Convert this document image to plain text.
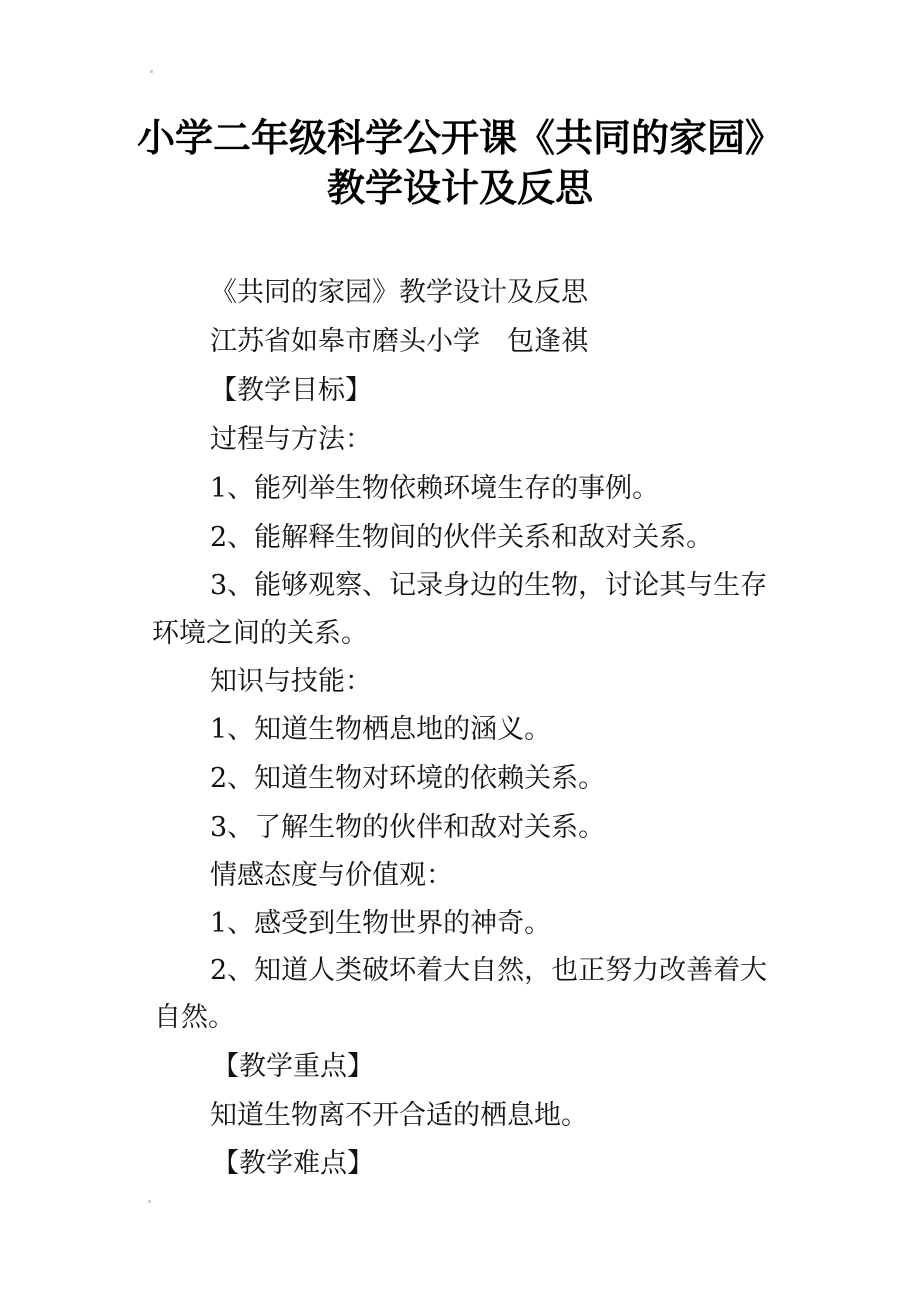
小学二年级科学公开课《共同的家园》
教学设计及反思

《共同的家园》教学设计及反思

江苏省如皋市磨头小学　包逢祺

【教学目标】

过程与方法：

1、能列举生物依赖环境生存的事例。

2、能解释生物间的伙伴关系和敌对关系。

3、能够观察、记录身边的生物，讨论其与生存

环境之间的关系。

知识与技能：

1、知道生物栖息地的涵义。

2、知道生物对环境的依赖关系。

3、了解生物的伙伴和敌对关系。

情感态度与价值观：

1、感受到生物世界的神奇。

2、知道人类破坏着大自然，也正努力改善着大

自然。

【教学重点】

知道生物离不开合适的栖息地。

【教学难点】
